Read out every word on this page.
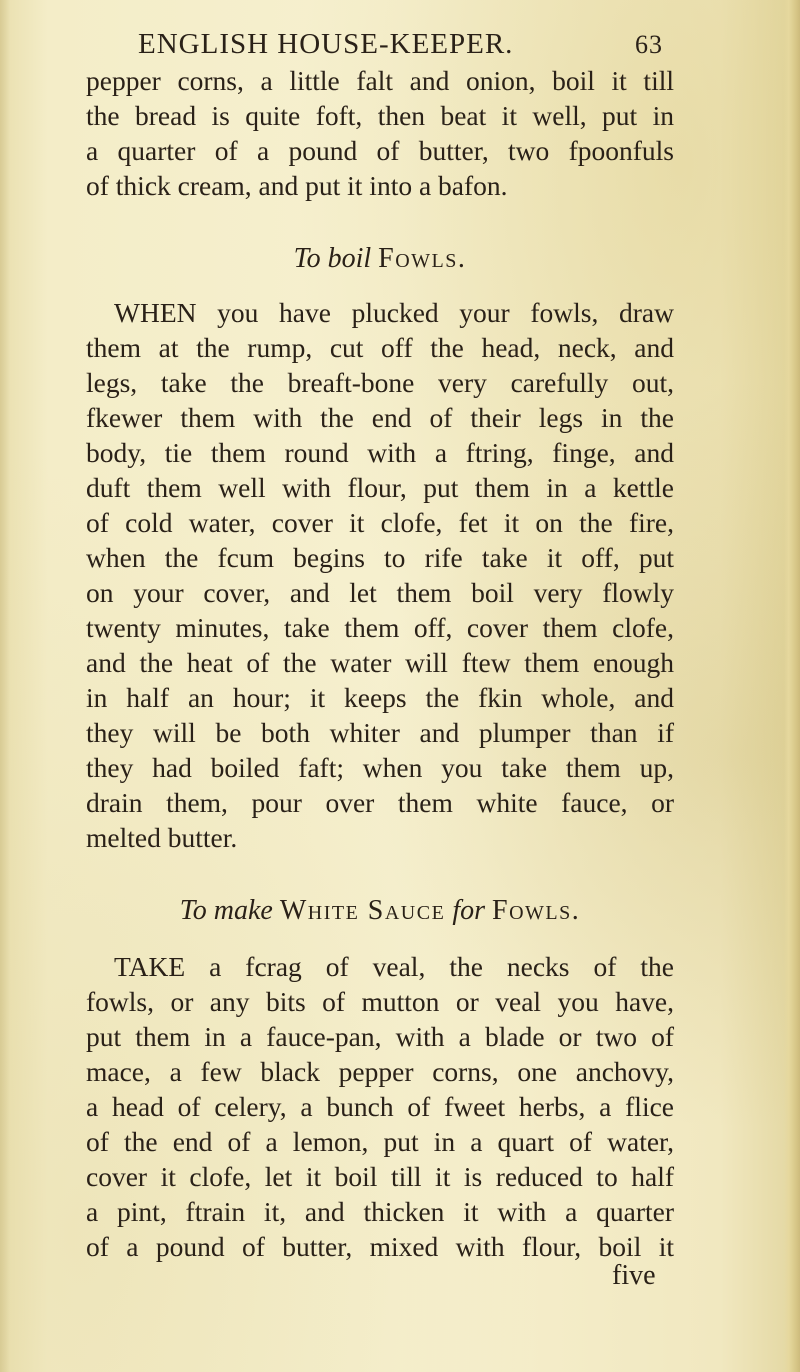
ENGLISH HOUSE-KEEPER.	63
pepper corns, a little falt and onion, boil it till
the bread is quite foft, then beat it well, put in
a quarter of a pound of butter, two fpoonfuls
of thick cream, and put it into a bafon.
To boil Fowls.
WHEN you have plucked your fowls, draw
them at the rump, cut off the head, neck, and
legs, take the breaft-bone very carefully out,
fkewer them with the end of their legs in the
body, tie them round with a ftring, finge, and
duft them well with flour, put them in a kettle
of cold water, cover it clofe, fet it on the fire,
when the fcum begins to rife take it off, put
on your cover, and let them boil very flowly
twenty minutes, take them off, cover them clofe,
and the heat of the water will ftew them enough
in half an hour; it keeps the fkin whole, and
they will be both whiter and plumper than if
they had boiled faft; when you take them up,
drain them, pour over them white fauce, or
melted butter.
To make White Sauce for Fowls.
TAKE a fcrag of veal, the necks of the
fowls, or any bits of mutton or veal you have,
put them in a fauce-pan, with a blade or two of
mace, a few black pepper corns, one anchovy,
a head of celery, a bunch of fweet herbs, a flice
of the end of a lemon, put in a quart of water,
cover it clofe, let it boil till it is reduced to half
a pint, ftrain it, and thicken it with a quarter
of a pound of butter, mixed with flour, boil it
five
